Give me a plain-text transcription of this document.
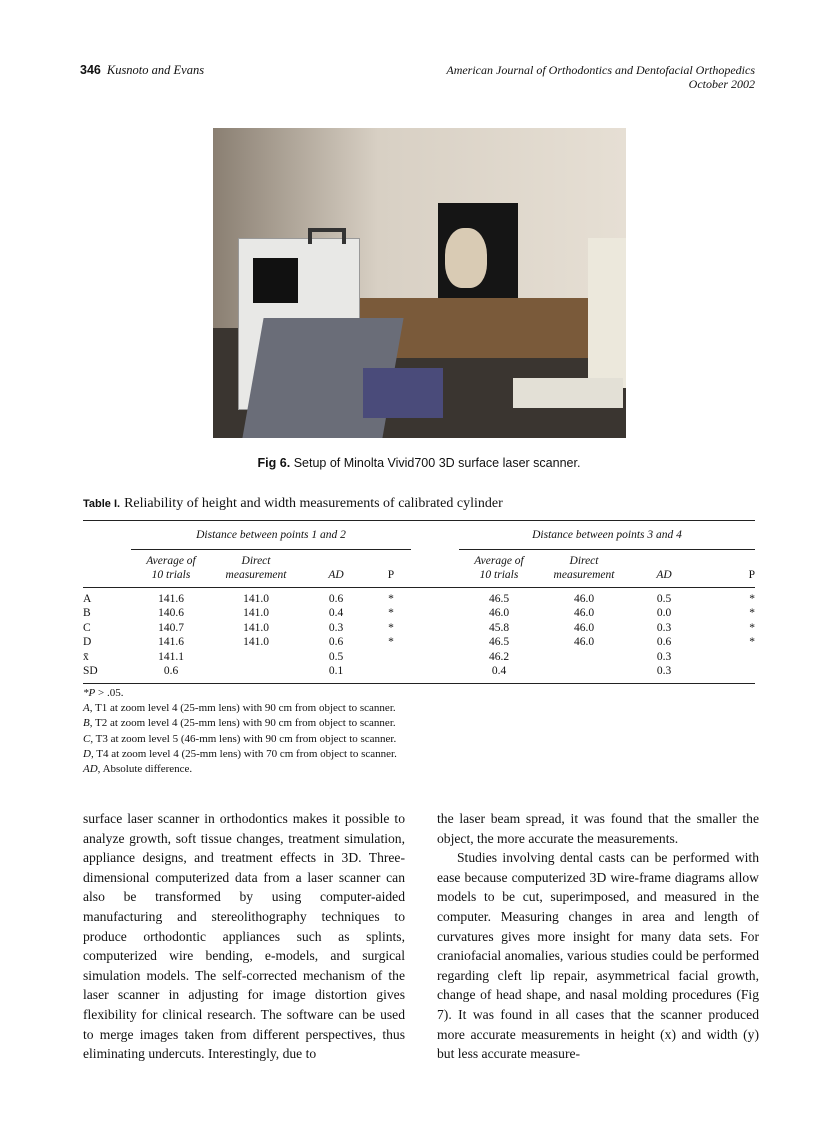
346 Kusnoto and Evans	American Journal of Orthodontics and Dentofacial Orthopedics
October 2002
Fig 6. Setup of Minolta Vivid700 3D surface laser scanner.
Table I. Reliability of height and width measurements of calibrated cylinder
	Distance between points 1 and 2					Distance between points 3 and 4			
	Average of	Direct				Average of	Direct		
	10 trials	measurement	AD	P		10 trials	measurement	AD	P
A	141.6	141.0	0.6	*		46.5	46.0	0.5	*
B	140.6	141.0	0.4	*		46.0	46.0	0.0	*
C	140.7	141.0	0.3	*		45.8	46.0	0.3	*
D	141.6	141.0	0.6	*		46.5	46.0	0.6	*
x̄	141.1		0.5			46.2		0.3	
SD	0.6		0.1			0.4		0.3	
*P > .05.
A, T1 at zoom level 4 (25-mm lens) with 90 cm from object to scanner.
B, T2 at zoom level 4 (25-mm lens) with 90 cm from object to scanner.
C, T3 at zoom level 5 (46-mm lens) with 90 cm from object to scanner.
D, T4 at zoom level 4 (25-mm lens) with 70 cm from object to scanner.
AD, Absolute difference.

surface laser scanner in orthodontics makes it possible to analyze growth, soft tissue changes, treatment simulation, appliance designs, and treatment effects in 3D. Three-dimensional computerized data from a laser scanner can also be transformed by using computer-aided manufacturing and stereolithography techniques to produce orthodontic appliances such as splints, computerized wire bending, e-models, and surgical simulation models. The self-corrected mechanism of the laser scanner in adjusting for image distortion gives flexibility for clinical research. The software can be used to merge images taken from different perspectives, thus eliminating undercuts. Interestingly, due to

the laser beam spread, it was found that the smaller the object, the more accurate the measurements.

Studies involving dental casts can be performed with ease because computerized 3D wire-frame diagrams allow models to be cut, superimposed, and measured in the computer. Measuring changes in area and length of curvatures gives more insight for many data sets. For craniofacial anomalies, various studies could be performed regarding cleft lip repair, asymmetrical facial growth, change of head shape, and nasal molding procedures (Fig 7). It was found in all cases that the scanner produced more accurate measurements in height (x) and width (y) but less accurate measure-
